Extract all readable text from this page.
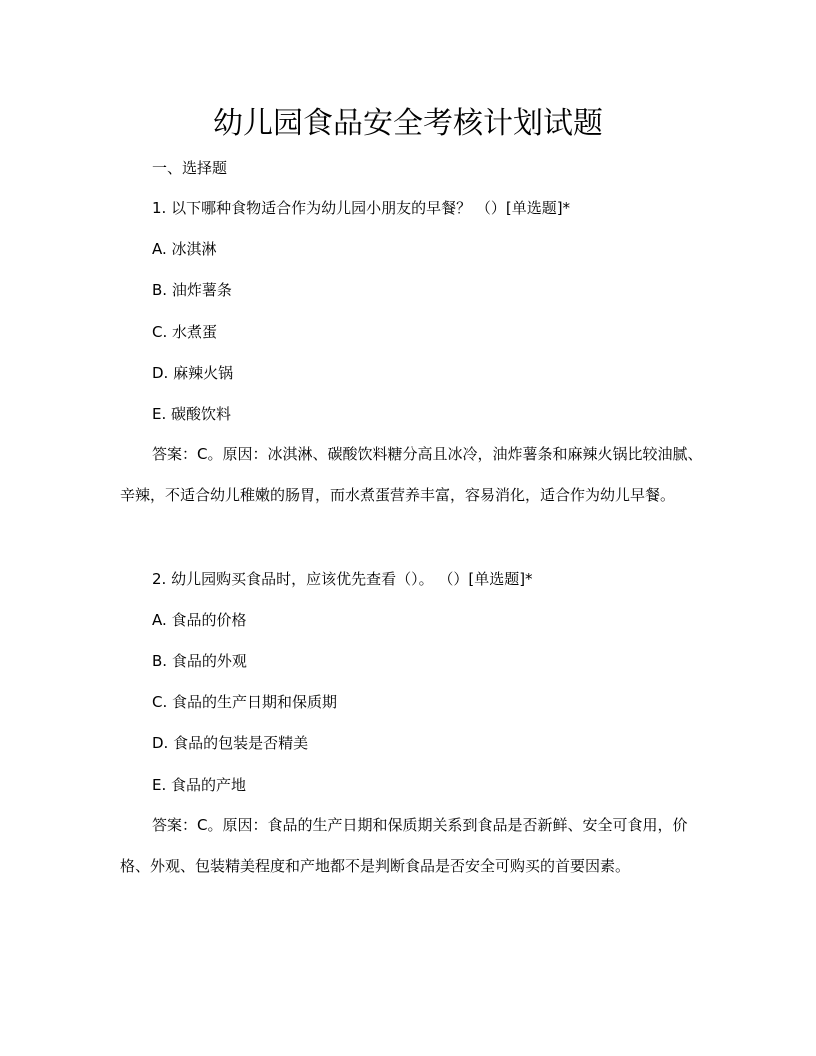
幼儿园食品安全考核计划试题
一、选择题
1. 以下哪种食物适合作为幼儿园小朋友的早餐？ （）[单选题]*
A. 冰淇淋
B. 油炸薯条
C. 水煮蛋
D. 麻辣火锅
E. 碳酸饮料
答案：C。原因：冰淇淋、碳酸饮料糖分高且冰冷，油炸薯条和麻辣火锅比较油腻、辛辣，不适合幼儿稚嫩的肠胃，而水煮蛋营养丰富，容易消化，适合作为幼儿早餐。
2. 幼儿园购买食品时，应该优先查看（）。 （）[单选题]*
A. 食品的价格
B. 食品的外观
C. 食品的生产日期和保质期
D. 食品的包装是否精美
E. 食品的产地
答案：C。原因：食品的生产日期和保质期关系到食品是否新鲜、安全可食用，价格、外观、包装精美程度和产地都不是判断食品是否安全可购买的首要因素。
